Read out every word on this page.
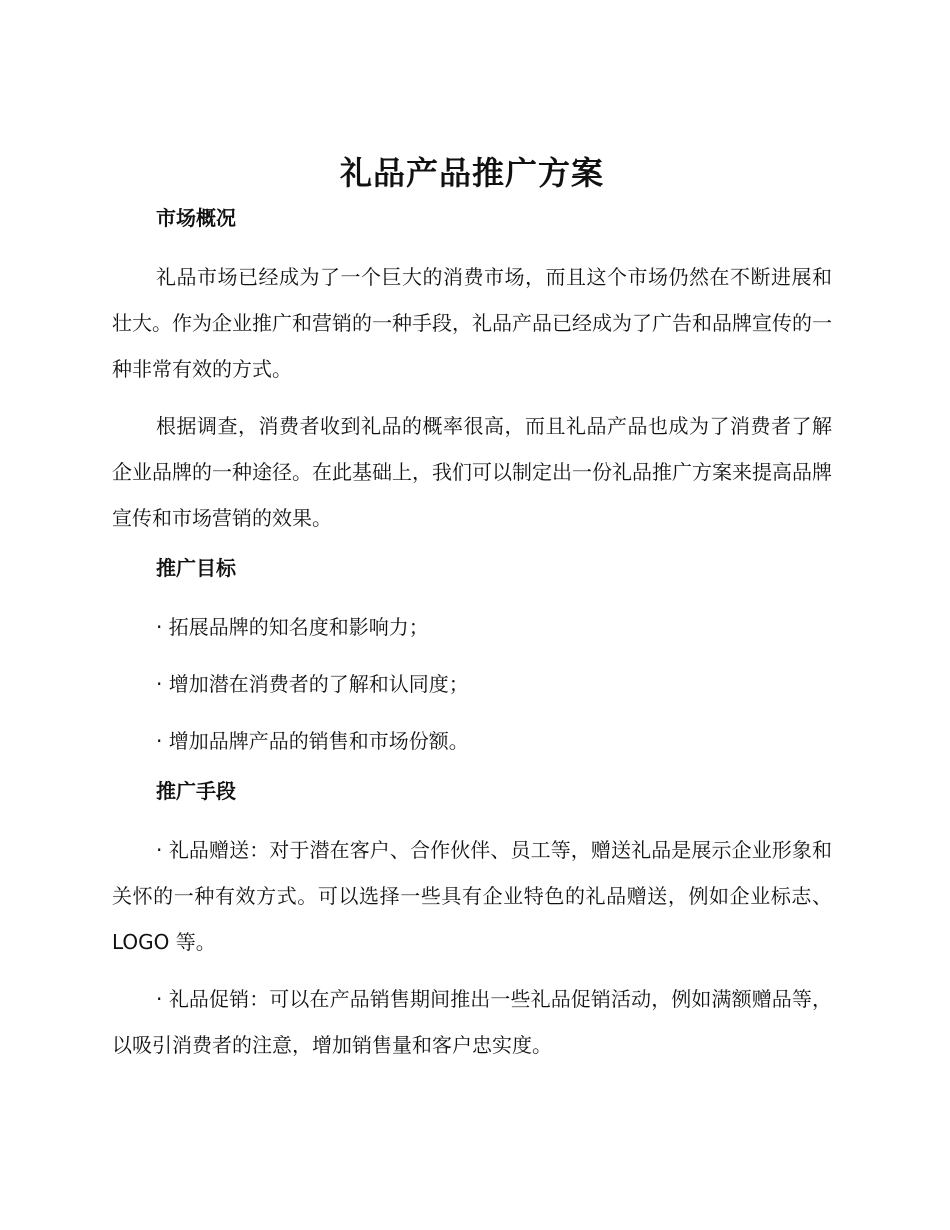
礼品产品推广方案
市场概况

礼品市场已经成为了一个巨大的消费市场，而且这个市场仍然在不断进展和壮大。作为企业推广和营销的一种手段，礼品产品已经成为了广告和品牌宣传的一种非常有效的方式。

根据调查，消费者收到礼品的概率很高，而且礼品产品也成为了消费者了解企业品牌的一种途径。在此基础上，我们可以制定出一份礼品推广方案来提高品牌宣传和市场营销的效果。

推广目标

· 拓展品牌的知名度和影响力；

· 增加潜在消费者的了解和认同度；

· 增加品牌产品的销售和市场份额。

推广手段

· 礼品赠送：对于潜在客户、合作伙伴、员工等，赠送礼品是展示企业形象和关怀的一种有效方式。可以选择一些具有企业特色的礼品赠送，例如企业标志、LOGO 等。

· 礼品促销：可以在产品销售期间推出一些礼品促销活动，例如满额赠品等，以吸引消费者的注意，增加销售量和客户忠实度。
